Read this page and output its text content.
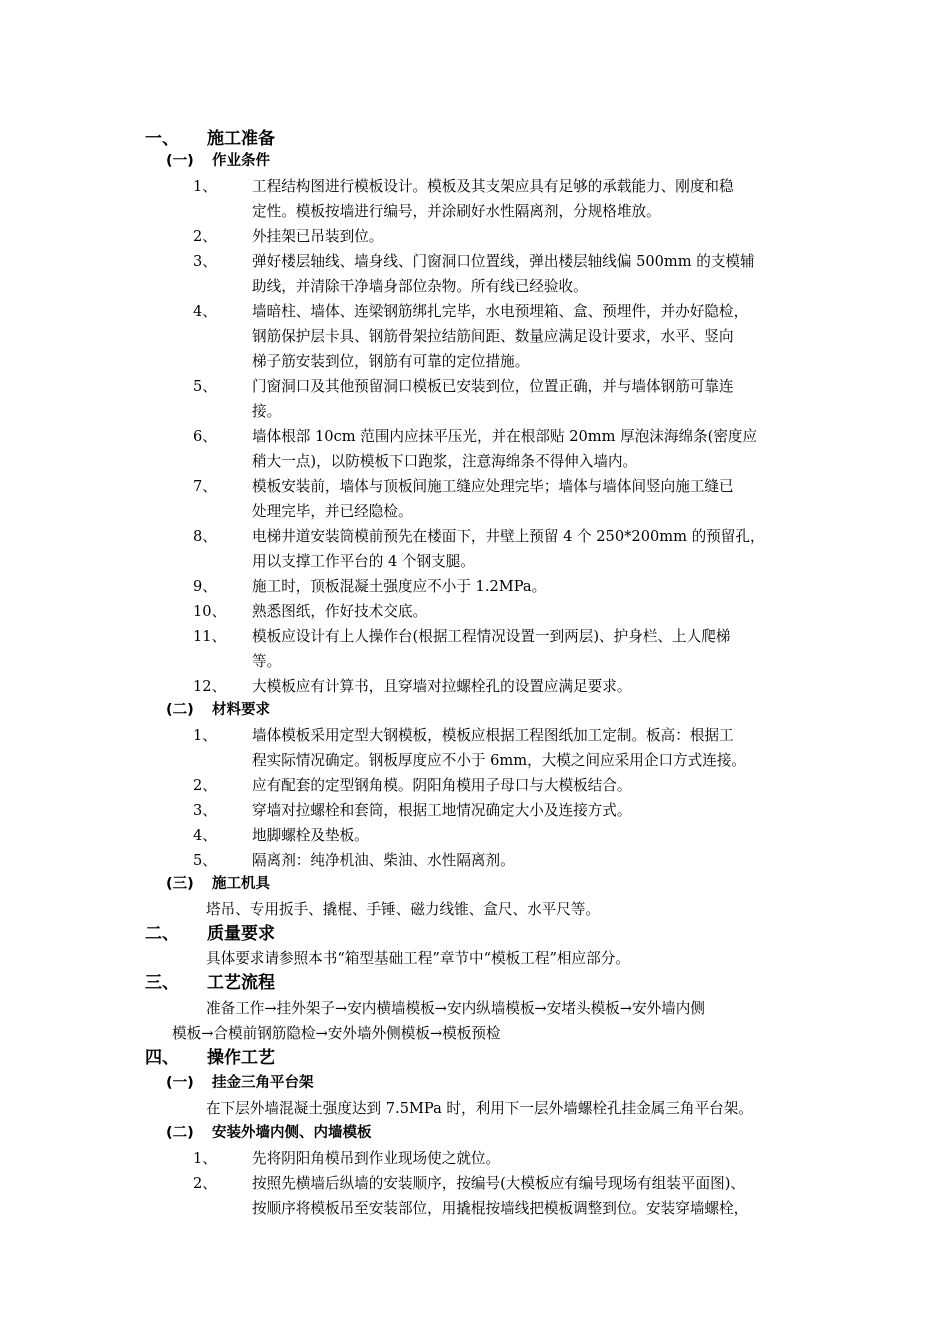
一、 施工准备
(一) 作业条件
1、 工程结构图进行模板设计。模板及其支架应具有足够的承载能力、刚度和稳
定性。模板按墙进行编号，并涂刷好水性隔离剂，分规格堆放。
2、 外挂架已吊装到位。
3、 弹好楼层轴线、墙身线、门窗洞口位置线，弹出楼层轴线偏 500mm 的支模辅
助线，并清除干净墙身部位杂物。所有线已经验收。
4、 墙暗柱、墙体、连梁钢筋绑扎完毕，水电预埋箱、盒、预埋件，并办好隐检，
钢筋保护层卡具、钢筋骨架拉结筋间距、数量应满足设计要求，水平、竖向
梯子筋安装到位，钢筋有可靠的定位措施。
5、 门窗洞口及其他预留洞口模板已安装到位，位置正确，并与墙体钢筋可靠连
接。
6、 墙体根部 10cm 范围内应抹平压光，并在根部贴 20mm 厚泡沫海绵条(密度应
稍大一点)，以防模板下口跑浆，注意海绵条不得伸入墙内。
7、 模板安装前，墙体与顶板间施工缝应处理完毕；墙体与墙体间竖向施工缝已
处理完毕，并已经隐检。
8、 电梯井道安装筒模前预先在楼面下，井壁上预留 4 个 250*200mm 的预留孔，
用以支撑工作平台的 4 个钢支腿。
9、 施工时，顶板混凝土强度应不小于 1.2MPa。
10、 熟悉图纸，作好技术交底。
11、 模板应设计有上人操作台(根据工程情况设置一到两层)、护身栏、上人爬梯
等。
12、 大模板应有计算书，且穿墙对拉螺栓孔的设置应满足要求。
(二) 材料要求
1、 墙体模板采用定型大钢模板，模板应根据工程图纸加工定制。板高：根据工
程实际情况确定。钢板厚度应不小于 6mm，大模之间应采用企口方式连接。
2、 应有配套的定型钢角模。阴阳角模用子母口与大模板结合。
3、 穿墙对拉螺栓和套筒，根据工地情况确定大小及连接方式。
4、 地脚螺栓及垫板。
5、 隔离剂：纯净机油、柴油、水性隔离剂。
(三) 施工机具
塔吊、专用扳手、撬棍、手锤、磁力线锥、盒尺、水平尺等。
二、 质量要求
具体要求请参照本书“箱型基础工程”章节中“模板工程”相应部分。
三、 工艺流程
准备工作→挂外架子→安内横墙模板→安内纵墙模板→安堵头模板→安外墙内侧
模板→合模前钢筋隐检→安外墙外侧模板→模板预检
四、 操作工艺
(一) 挂金三角平台架
在下层外墙混凝土强度达到 7.5MPa 时，利用下一层外墙螺栓孔挂金属三角平台架。
(二) 安装外墙内侧、内墙模板
1、 先将阴阳角模吊到作业现场使之就位。
2、 按照先横墙后纵墙的安装顺序，按编号(大模板应有编号现场有组装平面图)、
按顺序将模板吊至安装部位，用撬棍按墙线把模板调整到位。安装穿墙螺栓，
